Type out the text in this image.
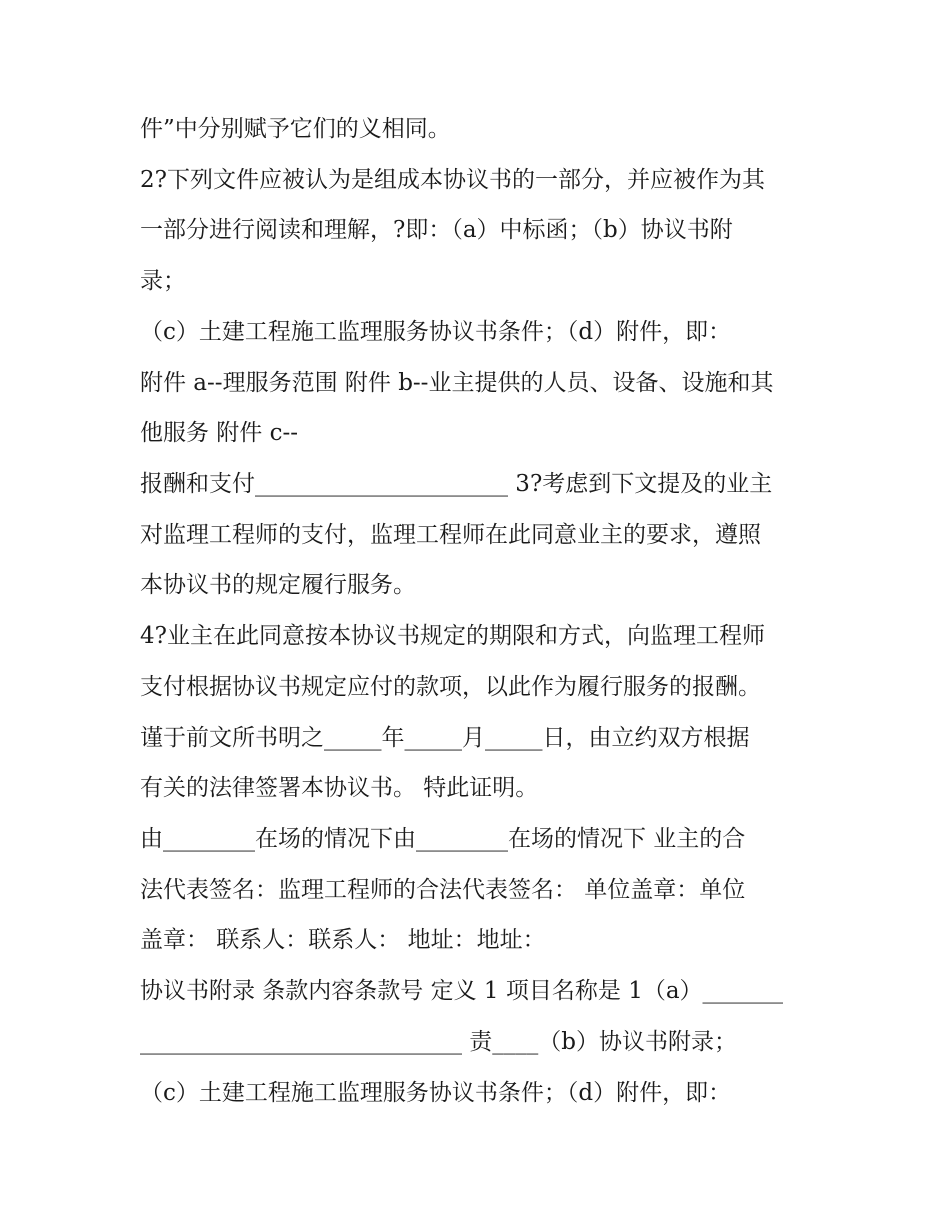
件”中分别赋予它们的义相同。
2?下列文件应被认为是组成本协议书的一部分，并应被作为其
一部分进行阅读和理解，?即：（a）中标函；（b）协议书附
录；
（c）土建工程施工监理服务协议书条件；（d）附件，即：
附件 a--理服务范围 附件 b--业主提供的人员、设备、设施和其
他服务 附件 c--
报酬和支付______________________ 3?考虑到下文提及的业主
对监理工程师的支付，监理工程师在此同意业主的要求，遵照
本协议书的规定履行服务。
4?业主在此同意按本协议书规定的期限和方式，向监理工程师
支付根据协议书规定应付的款项，以此作为履行服务的报酬。
谨于前文所书明之_____年_____月_____日，由立约双方根据
有关的法律签署本协议书。 特此证明。
由________在场的情况下由________在场的情况下 业主的合
法代表签名：监理工程师的合法代表签名： 单位盖章：单位
盖章： 联系人：联系人： 地址：地址：
协议书附录 条款内容条款号 定义 1 项目名称是 1（a）_______
____________________________ 责____（b）协议书附录；
（c）土建工程施工监理服务协议书条件；（d）附件，即：
